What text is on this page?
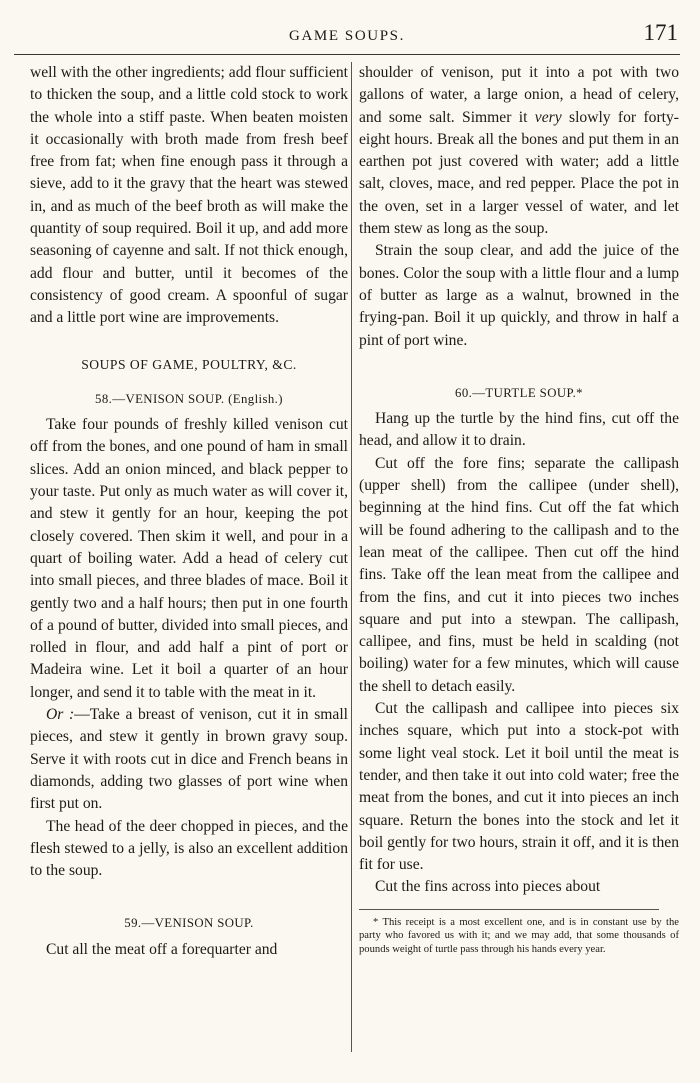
GAME SOUPS.	171

well with the other ingredients; add flour sufficient to thicken the soup, and a little cold stock to work the whole into a stiff paste. When beaten moisten it occasionally with broth made from fresh beef free from fat; when fine enough pass it through a sieve, add to it the gravy that the heart was stewed in, and as much of the beef broth as will make the quantity of soup required. Boil it up, and add more seasoning of cayenne and salt. If not thick enough, add flour and butter, until it becomes of the consistency of good cream. A spoonful of sugar and a little port wine are improvements.

SOUPS OF GAME, POULTRY, &C.
58.—VENISON SOUP. (English.)

Take four pounds of freshly killed venison cut off from the bones, and one pound of ham in small slices. Add an onion minced, and black pepper to your taste. Put only as much water as will cover it, and stew it gently for an hour, keeping the pot closely covered. Then skim it well, and pour in a quart of boiling water. Add a head of celery cut into small pieces, and three blades of mace. Boil it gently two and a half hours; then put in one fourth of a pound of butter, divided into small pieces, and rolled in flour, and add half a pint of port or Madeira wine. Let it boil a quarter of an hour longer, and send it to table with the meat in it.

Or :—Take a breast of venison, cut it in small pieces, and stew it gently in brown gravy soup. Serve it with roots cut in dice and French beans in diamonds, adding two glasses of port wine when first put on.

The head of the deer chopped in pieces, and the flesh stewed to a jelly, is also an excellent addition to the soup.

59.—VENISON SOUP.

Cut all the meat off a forequarter and

shoulder of venison, put it into a pot with two gallons of water, a large onion, a head of celery, and some salt. Simmer it very slowly for forty-eight hours. Break all the bones and put them in an earthen pot just covered with water; add a little salt, cloves, mace, and red pepper. Place the pot in the oven, set in a larger vessel of water, and let them stew as long as the soup.

Strain the soup clear, and add the juice of the bones. Color the soup with a little flour and a lump of butter as large as a walnut, browned in the frying-pan. Boil it up quickly, and throw in half a pint of port wine.

60.—TURTLE SOUP.*

Hang up the turtle by the hind fins, cut off the head, and allow it to drain.

Cut off the fore fins; separate the callipash (upper shell) from the callipee (under shell), beginning at the hind fins. Cut off the fat which will be found adhering to the callipash and to the lean meat of the callipee. Then cut off the hind fins. Take off the lean meat from the callipee and from the fins, and cut it into pieces two inches square and put into a stewpan. The callipash, callipee, and fins, must be held in scalding (not boiling) water for a few minutes, which will cause the shell to detach easily.

Cut the callipash and callipee into pieces six inches square, which put into a stock-pot with some light veal stock. Let it boil until the meat is tender, and then take it out into cold water; free the meat from the bones, and cut it into pieces an inch square. Return the bones into the stock and let it boil gently for two hours, strain it off, and it is then fit for use.

Cut the fins across into pieces about

* This receipt is a most excellent one, and is in constant use by the party who favored us with it; and we may add, that some thousands of pounds weight of turtle pass through his hands every year.
